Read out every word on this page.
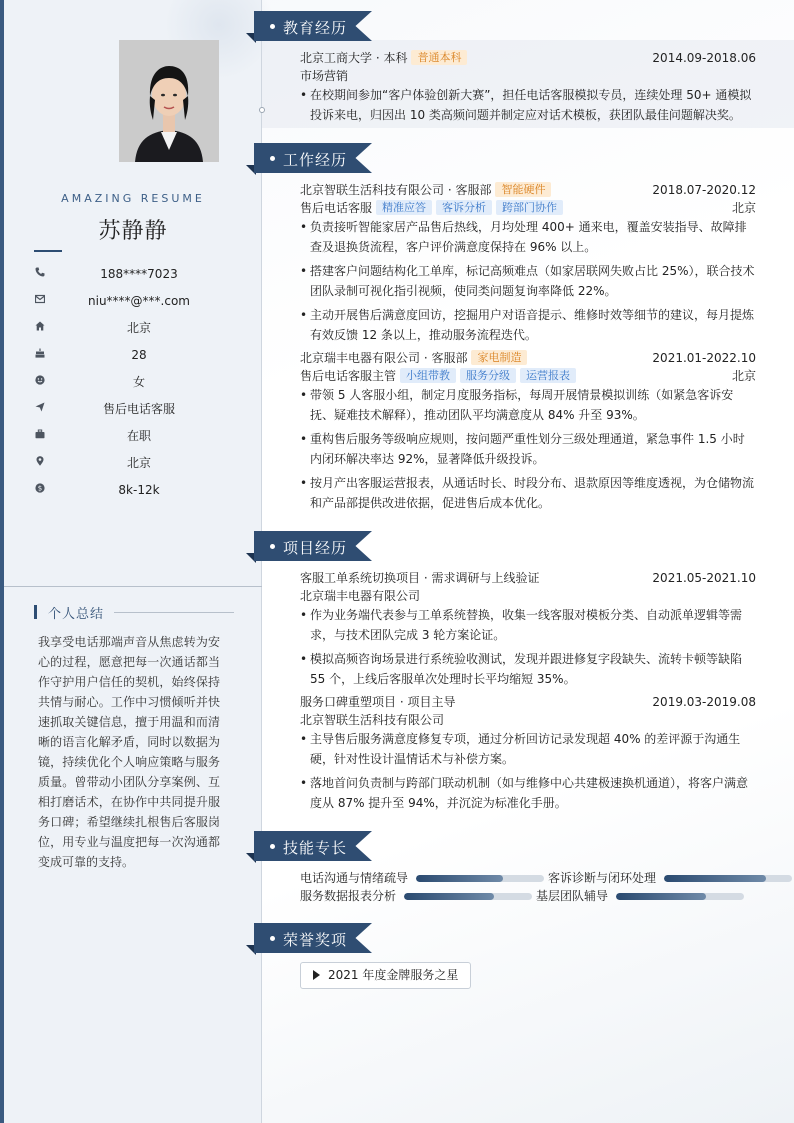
AMAZING RESUME
苏静静
188****7023
niu****@***.com
北京
28
女
售后电话客服
在职
北京
$	8k-12k
个人总结
我享受电话那端声音从焦虑转为安心的过程，愿意把每一次通话都当作守护用户信任的契机，始终保持共情与耐心。工作中习惯倾听并快速抓取关键信息，擅于用温和而清晰的语言化解矛盾，同时以数据为镜，持续优化个人响应策略与服务质量。曾带动小团队分享案例、互相打磨话术，在协作中共同提升服务口碑；希望继续扎根售后客服岗位，用专业与温度把每一次沟通都变成可靠的支持。
教育经历
北京工商大学 · 本科 普通本科	2014.09-2018.06
市场营销
• 在校期间参加“客户体验创新大赛”，担任电话客服模拟专员，连续处理 50+ 通模拟投诉来电，归因出 10 类高频问题并制定应对话术模板，获团队最佳问题解决奖。
工作经历
北京智联生活科技有限公司 · 客服部 智能硬件	2018.07-2020.12
售后电话客服 精准应答 客诉分析 跨部门协作	北京
• 负责接听智能家居产品售后热线，月均处理 400+ 通来电，覆盖安装指导、故障排查及退换货流程，客户评价满意度保持在 96% 以上。
• 搭建客户问题结构化工单库，标记高频难点（如家居联网失败占比 25%），联合技术团队录制可视化指引视频，使同类问题复询率降低 22%。
• 主动开展售后满意度回访，挖掘用户对语音提示、维修时效等细节的建议，每月提炼有效反馈 12 条以上，推动服务流程迭代。
北京瑞丰电器有限公司 · 客服部 家电制造	2021.01-2022.10
售后电话客服主管 小组带教 服务分级 运营报表	北京
• 带领 5 人客服小组，制定月度服务指标，每周开展情景模拟训练（如紧急客诉安抚、疑难技术解释），推动团队平均满意度从 84% 升至 93%。
• 重构售后服务等级响应规则，按问题严重性划分三级处理通道，紧急事件 1.5 小时内闭环解决率达 92%，显著降低升级投诉。
• 按月产出客服运营报表，从通话时长、时段分布、退款原因等维度透视，为仓储物流和产品部提供改进依据，促进售后成本优化。
项目经历
客服工单系统切换项目 · 需求调研与上线验证	2021.05-2021.10
北京瑞丰电器有限公司
• 作为业务端代表参与工单系统替换，收集一线客服对模板分类、自动派单逻辑等需求，与技术团队完成 3 轮方案论证。
• 模拟高频咨询场景进行系统验收测试，发现并跟进修复字段缺失、流转卡顿等缺陷 55 个，上线后客服单次处理时长平均缩短 35%。
服务口碑重塑项目 · 项目主导	2019.03-2019.08
北京智联生活科技有限公司
• 主导售后服务满意度修复专项，通过分析回访记录发现超 40% 的差评源于沟通生硬，针对性设计温情话术与补偿方案。
• 落地首问负责制与跨部门联动机制（如与维修中心共建极速换机通道），将客户满意度从 87% 提升至 94%，并沉淀为标准化手册。
技能专长
电话沟通与情绪疏导	客诉诊断与闭环处理
服务数据报表分析	基层团队辅导
荣誉奖项
2021 年度金牌服务之星
